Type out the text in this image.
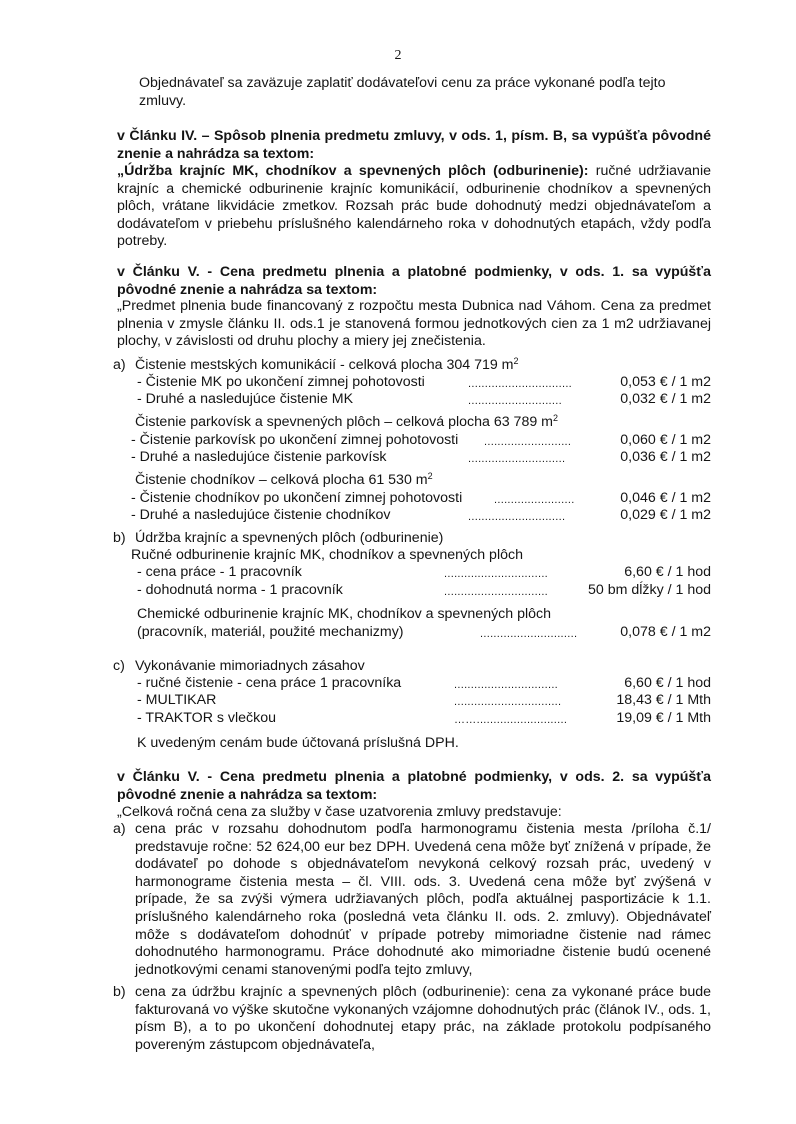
2
Objednávateľ sa zaväzuje zaplatiť dodávateľovi cenu za práce vykonané podľa tejto zmluvy.
v Článku IV. – Spôsob plnenia predmetu zmluvy, v ods. 1, písm. B, sa vypúšťa pôvodné znenie a nahrádza sa textom:
„Údržba krajníc MK, chodníkov a spevnených plôch (odburinenie): ručné udržiavanie krajníc a chemické odburinenie krajníc komunikácií, odburinenie chodníkov a spevnených plôch, vrátane likvidácie zmetkov. Rozsah prác bude dohodnutý medzi objednávateľom a dodávateľom v priebehu príslušného kalendárneho roka v dohodnutých etapách, vždy podľa potreby.
v Článku V. - Cena predmetu plnenia a platobné podmienky, v ods. 1. sa vypúšťa pôvodné znenie a nahrádza sa textom:
„Predmet plnenia bude financovaný z rozpočtu mesta Dubnica nad Váhom. Cena za predmet plnenia v zmysle článku II. ods.1 je stanovená formou jednotkových cien za 1 m2 udržiavanej plochy, v závislosti od druhu plochy a miery jej znečistenia.
a) Čistenie mestských komunikácií - celková plocha 304 719 $m^2$
- Čistenie MK po ukončení zimnej pohotovosti	...............................	0,053 € / 1 m2
- Druhé a nasledujúce čistenie MK	............................	0,032 € / 1 m2
Čistenie parkovísk a spevnených plôch – celková plocha 63 789 $m^2$
- Čistenie parkovísk po ukončení zimnej pohotovosti ..........................	0,060 € / 1 m2
- Druhé a nasledujúce čistenie parkovísk	.............................	0,036 € / 1 m2
Čistenie chodníkov – celková plocha 61 530 $m^2$
- Čistenie chodníkov po ukončení zimnej pohotovosti	........................	0,046 € / 1 m2
- Druhé a nasledujúce čistenie chodníkov	.............................	0,029 € / 1 m2
b) Údržba krajníc a spevnených plôch (odburinenie)
Ručné odburinenie krajníc MK, chodníkov a spevnených plôch
- cena práce - 1 pracovník	...............................	6,60 € / 1 hod
- dohodnutá norma - 1 pracovník	...............................	50 bm dĺžky / 1 hod
Chemické odburinenie krajníc MK, chodníkov a spevnených plôch
(pracovník, materiál, použité mechanizmy)	.............................	0,078 € / 1 m2
c) Vykonávanie mimoriadnych zásahov
- ručné čistenie - cena práce 1 pracovníka	...............................	6,60 € / 1 hod
- MULTIKAR	................................	18,43 € / 1 Mth
- TRAKTOR s vlečkou	……...........................	19,09 € / 1 Mth
K uvedeným cenám bude účtovaná príslušná DPH.
v Článku V. - Cena predmetu plnenia a platobné podmienky, v ods. 2. sa vypúšťa pôvodné znenie a nahrádza sa textom:
„Celková ročná cena za služby v čase uzatvorenia zmluvy predstavuje:
a) cena prác v rozsahu dohodnutom podľa harmonogramu čistenia mesta /príloha č.1/ predstavuje ročne: 52 624,00 eur bez DPH. Uvedená cena môže byť znížená v prípade, že dodávateľ po dohode s objednávateľom nevykoná celkový rozsah prác, uvedený v harmonograme čistenia mesta – čl. VIII. ods. 3. Uvedená cena môže byť zvýšená v prípade, že sa zvýši výmera udržiavaných plôch, podľa aktuálnej pasportizácie k 1.1. príslušného kalendárneho roka (posledná veta článku II. ods. 2. zmluvy). Objednávateľ môže s dodávateľom dohodnúť v prípade potreby mimoriadne čistenie nad rámec dohodnutého harmonogramu. Práce dohodnuté ako mimoriadne čistenie budú ocenené jednotkovými cenami stanovenými podľa tejto zmluvy,
b) cena za údržbu krajníc a spevnených plôch (odburinenie): cena za vykonané práce bude fakturovaná vo výške skutočne vykonaných vzájomne dohodnutých prác (článok IV., ods. 1, písm B), a to po ukončení dohodnutej etapy prác, na základe protokolu podpísaného povereným zástupcom objednávateľa,
